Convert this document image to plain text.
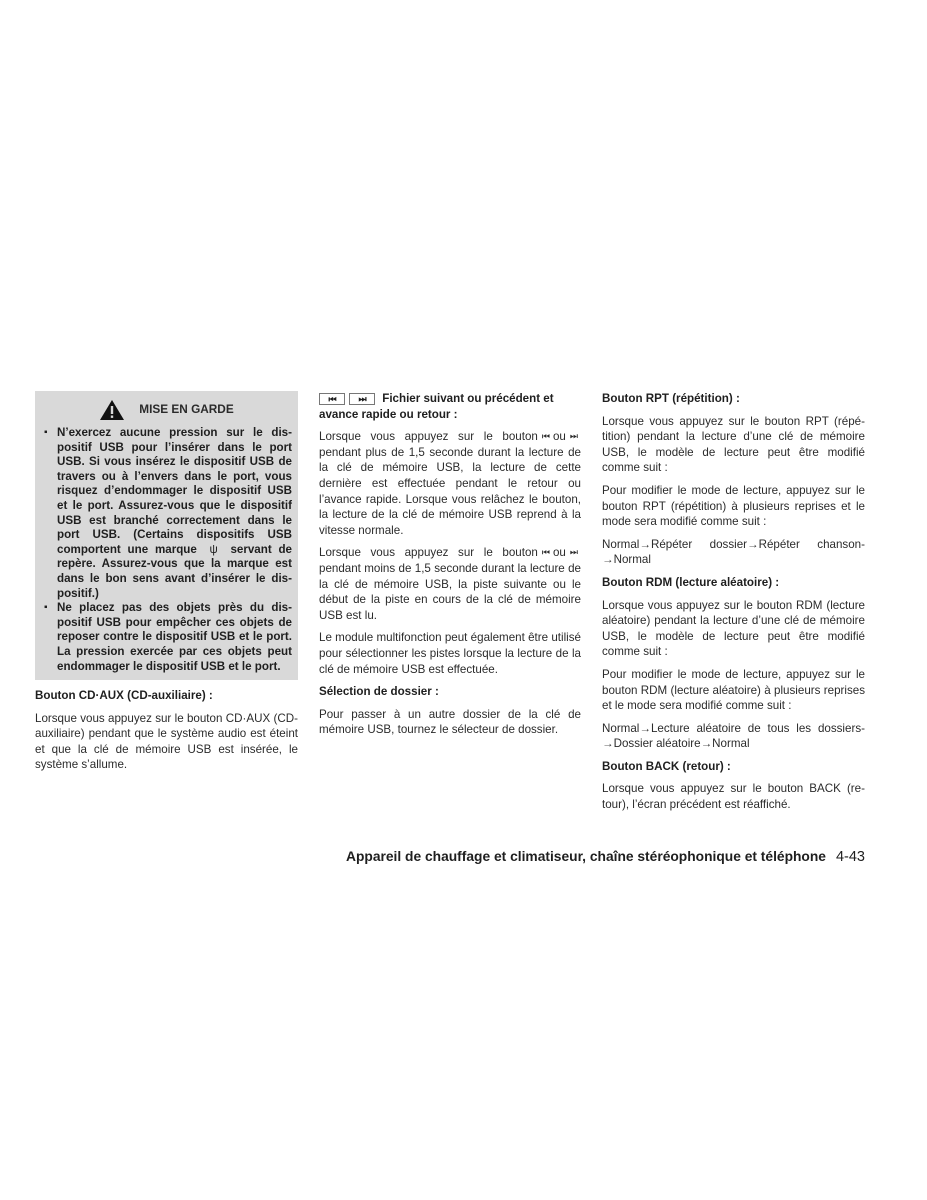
MISE EN GARDE
▪ N’exercez aucune pression sur le dispositif USB pour l’insérer dans le port USB. Si vous insérez le dispositif USB de travers ou à l’envers dans le port, vous risquez d’endommager le dispositif USB et le port. Assurez-vous que le dispositif USB est branché correctement dans le port USB. (Certains dispositifs USB comportent une marque ψ servant de repère. Assurez-vous que la marque est dans le bon sens avant d’insérer le dispositif.)
▪ Ne placez pas des objets près du dispositif USB pour empêcher ces objets de reposer contre le dispositif USB et le port. La pression exercée par ces objets peut endommager le dispositif USB et le port.
Bouton CD·AUX (CD-auxiliaire) :

Lorsque vous appuyez sur le bouton CD·AUX (CD-auxiliaire) pendant que le système audio est éteint et que la clé de mémoire USB est insérée, le système s’allume.

⏮	⏭ Fichier suivant ou précédent et avance rapide ou retour :

Lorsque vous appuyez sur le bouton ⏮ ou ⏭ pendant plus de 1,5 seconde durant la lecture de la clé de mémoire USB, la lecture de cette dernière est effectuée pendant le retour ou l’avance rapide. Lorsque vous relâchez le bouton, la lecture de la clé de mémoire USB reprend à la vitesse normale.

Lorsque vous appuyez sur le bouton ⏮ ou ⏭ pendant moins de 1,5 seconde durant la lecture de la clé de mémoire USB, la piste suivante ou le début de la piste en cours de la clé de mémoire USB est lu.

Le module multifonction peut également être utilisé pour sélectionner les pistes lorsque la lecture de la clé de mémoire USB est effectuée.

Sélection de dossier :

Pour passer à un autre dossier de la clé de mémoire USB, tournez le sélecteur de dossier.

Bouton RPT (répétition) :

Lorsque vous appuyez sur le bouton RPT (répétition) pendant la lecture d’une clé de mémoire USB, le modèle de lecture peut être modifié comme suit :

Pour modifier le mode de lecture, appuyez sur le bouton RPT (répétition) à plusieurs reprises et le mode sera modifié comme suit :

Normal→Répéter dossier→Répéter chanson→Normal

Bouton RDM (lecture aléatoire) :

Lorsque vous appuyez sur le bouton RDM (lecture aléatoire) pendant la lecture d’une clé de mémoire USB, le modèle de lecture peut être modifié comme suit :

Pour modifier le mode de lecture, appuyez sur le bouton RDM (lecture aléatoire) à plusieurs reprises et le mode sera modifié comme suit :

Normal→Lecture aléatoire de tous les dossiers→Dossier aléatoire→Normal

Bouton BACK (retour) :

Lorsque vous appuyez sur le bouton BACK (retour), l’écran précédent est réaffiché.

Appareil de chauffage et climatiseur, chaîne stéréophonique et téléphone 4-43
